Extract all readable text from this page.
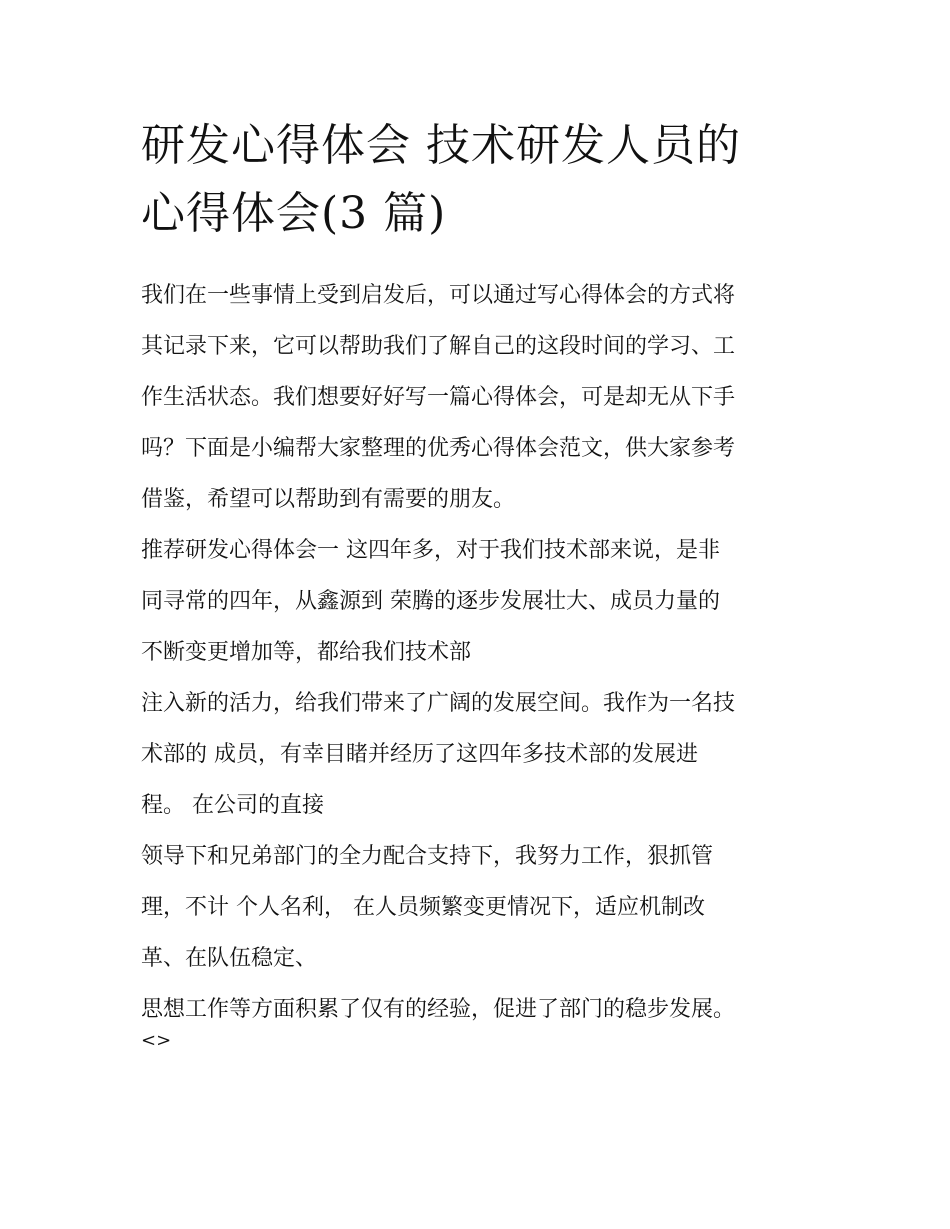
研发心得体会 技术研发人员的
心得体会(3 篇)
我们在一些事情上受到启发后，可以通过写心得体会的方式将
其记录下来，它可以帮助我们了解自己的这段时间的学习、工
作生活状态。我们想要好好写一篇心得体会，可是却无从下手
吗？下面是小编帮大家整理的优秀心得体会范文，供大家参考
借鉴，希望可以帮助到有需要的朋友。
推荐研发心得体会一 这四年多，对于我们技术部来说，是非
同寻常的四年，从鑫源到 荣腾的逐步发展壮大、成员力量的
不断变更增加等，都给我们技术部
注入新的活力，给我们带来了广阔的发展空间。我作为一名技
术部的 成员，有幸目睹并经历了这四年多技术部的发展进
程。 在公司的直接
领导下和兄弟部门的全力配合支持下，我努力工作，狠抓管
理，不计 个人名利， 在人员频繁变更情况下，适应机制改
革、在队伍稳定、
思想工作等方面积累了仅有的经验，促进了部门的稳步发展。
<>
